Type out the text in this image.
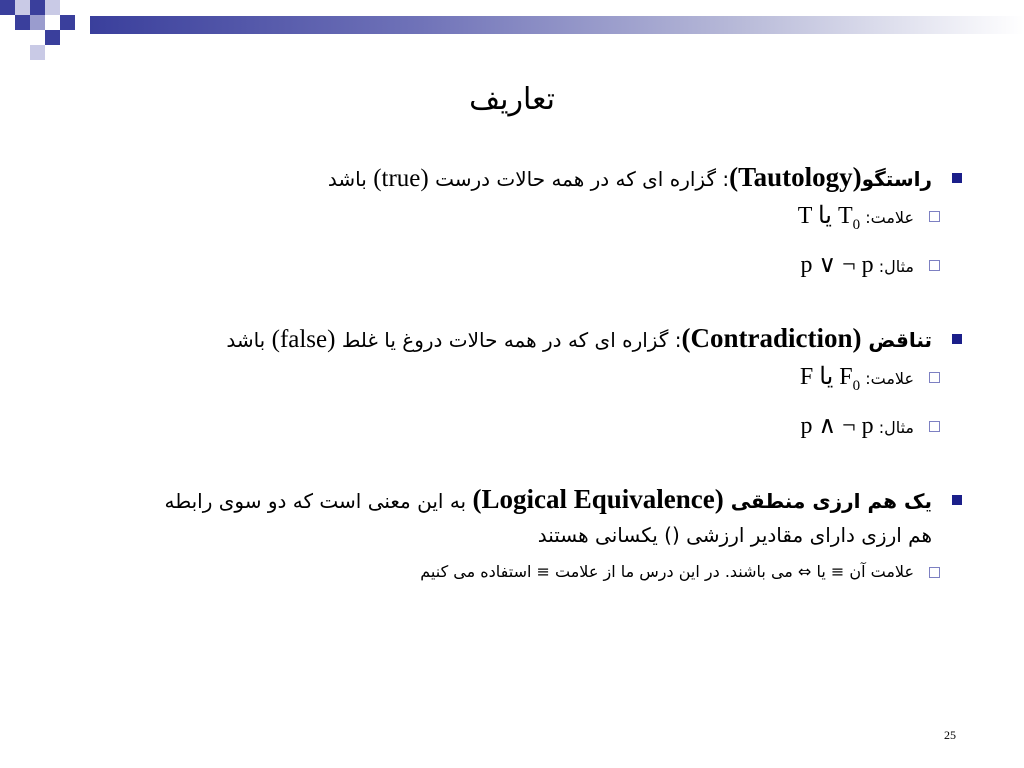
تعاریف
راستگو(Tautology): گزاره ای که در همه حالات درست (true) باشد
علامت: T یا $T_0$
مثال: p ∨ ¬ p
تناقض (Contradiction): گزاره ای که در همه حالات دروغ یا غلط (false) باشد
علامت: F یا $F_0$
مثال: p ∧ ¬ p
یک هم ارزی منطقی (Logical Equivalence) به این معنی است که دو سوی رابطه
هم ارزی دارای مقادیر ارزشی () یکسانی هستند
علامت آن ≡ یا ⇔ می باشند. در این درس ما از علامت ≡ استفاده می کنیم
25
